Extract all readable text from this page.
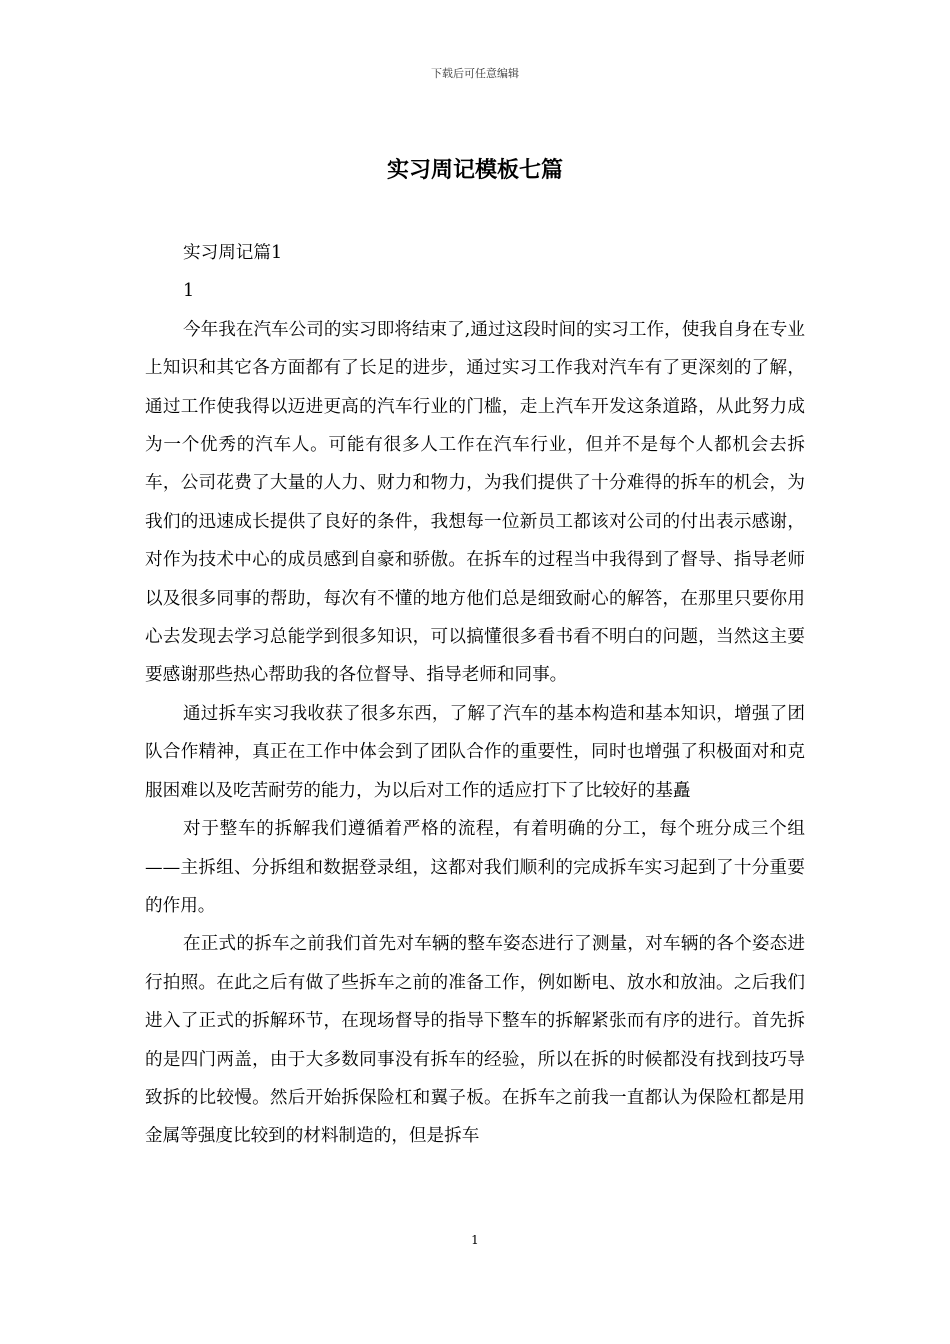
下载后可任意编辑
实习周记模板七篇

实习周记篇1

1

今年我在汽车公司的实习即将结束了,通过这段时间的实习工作，使我自身在专业上知识和其它各方面都有了长足的进步，通过实习工作我对汽车有了更深刻的了解，通过工作使我得以迈进更高的汽车行业的门槛，走上汽车开发这条道路，从此努力成为一个优秀的汽车人。可能有很多人工作在汽车行业，但并不是每个人都机会去拆车，公司花费了大量的人力、财力和物力，为我们提供了十分难得的拆车的机会，为我们的迅速成长提供了良好的条件，我想每一位新员工都该对公司的付出表示感谢，对作为技术中心的成员感到自豪和骄傲。在拆车的过程当中我得到了督导、指导老师以及很多同事的帮助，每次有不懂的地方他们总是细致耐心的解答，在那里只要你用心去发现去学习总能学到很多知识，可以搞懂很多看书看不明白的问题，当然这主要要感谢那些热心帮助我的各位督导、指导老师和同事。

通过拆车实习我收获了很多东西，了解了汽车的基本构造和基本知识，增强了团队合作精神，真正在工作中体会到了团队合作的重要性，同时也增强了积极面对和克服困难以及吃苦耐劳的能力，为以后对工作的适应打下了比较好的基矗

对于整车的拆解我们遵循着严格的流程，有着明确的分工，每个班分成三个组——主拆组、分拆组和数据登录组，这都对我们顺利的完成拆车实习起到了十分重要的作用。

在正式的拆车之前我们首先对车辆的整车姿态进行了测量，对车辆的各个姿态进行拍照。在此之后有做了些拆车之前的准备工作，例如断电、放水和放油。之后我们进入了正式的拆解环节，在现场督导的指导下整车的拆解紧张而有序的进行。首先拆的是四门两盖，由于大多数同事没有拆车的经验，所以在拆的时候都没有找到技巧导致拆的比较慢。然后开始拆保险杠和翼子板。在拆车之前我一直都认为保险杠都是用金属等强度比较到的材料制造的，但是拆车

1
